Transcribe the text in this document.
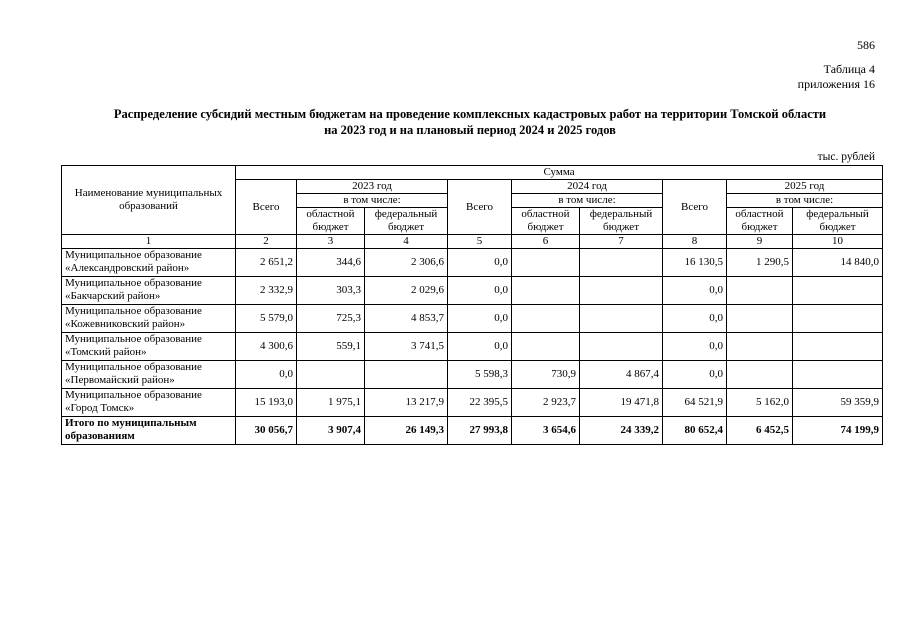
586
Таблица 4
приложения 16
Распределение субсидий местным бюджетам на проведение комплексных кадастровых работ на территории Томской области
на 2023 год и на плановый период 2024 и 2025 годов
тыс. рублей
Наименование муниципальных образований	Сумма								
	Всего	2023 год		Всего	2024 год		Всего	2025 год	
		в том числе:			в том числе:			в том числе:	
		областной бюджет	федеральный бюджет		областной бюджет	федеральный бюджет		областной бюджет	федеральный бюджет
1	2	3	4	5	6	7	8	9	10
Муниципальное образование «Александровский район»	2 651,2	344,6	2 306,6	0,0			16 130,5	1 290,5	14 840,0
Муниципальное образование «Бакчарский район»	2 332,9	303,3	2 029,6	0,0			0,0		
Муниципальное образование «Кожевниковский район»	5 579,0	725,3	4 853,7	0,0			0,0		
Муниципальное образование «Томский район»	4 300,6	559,1	3 741,5	0,0			0,0		
Муниципальное образование «Первомайский район»	0,0			5 598,3	730,9	4 867,4	0,0		
Муниципальное образование «Город Томск»	15 193,0	1 975,1	13 217,9	22 395,5	2 923,7	19 471,8	64 521,9	5 162,0	59 359,9
Итого по муниципальным образованиям	30 056,7	3 907,4	26 149,3	27 993,8	3 654,6	24 339,2	80 652,4	6 452,5	74 199,9
